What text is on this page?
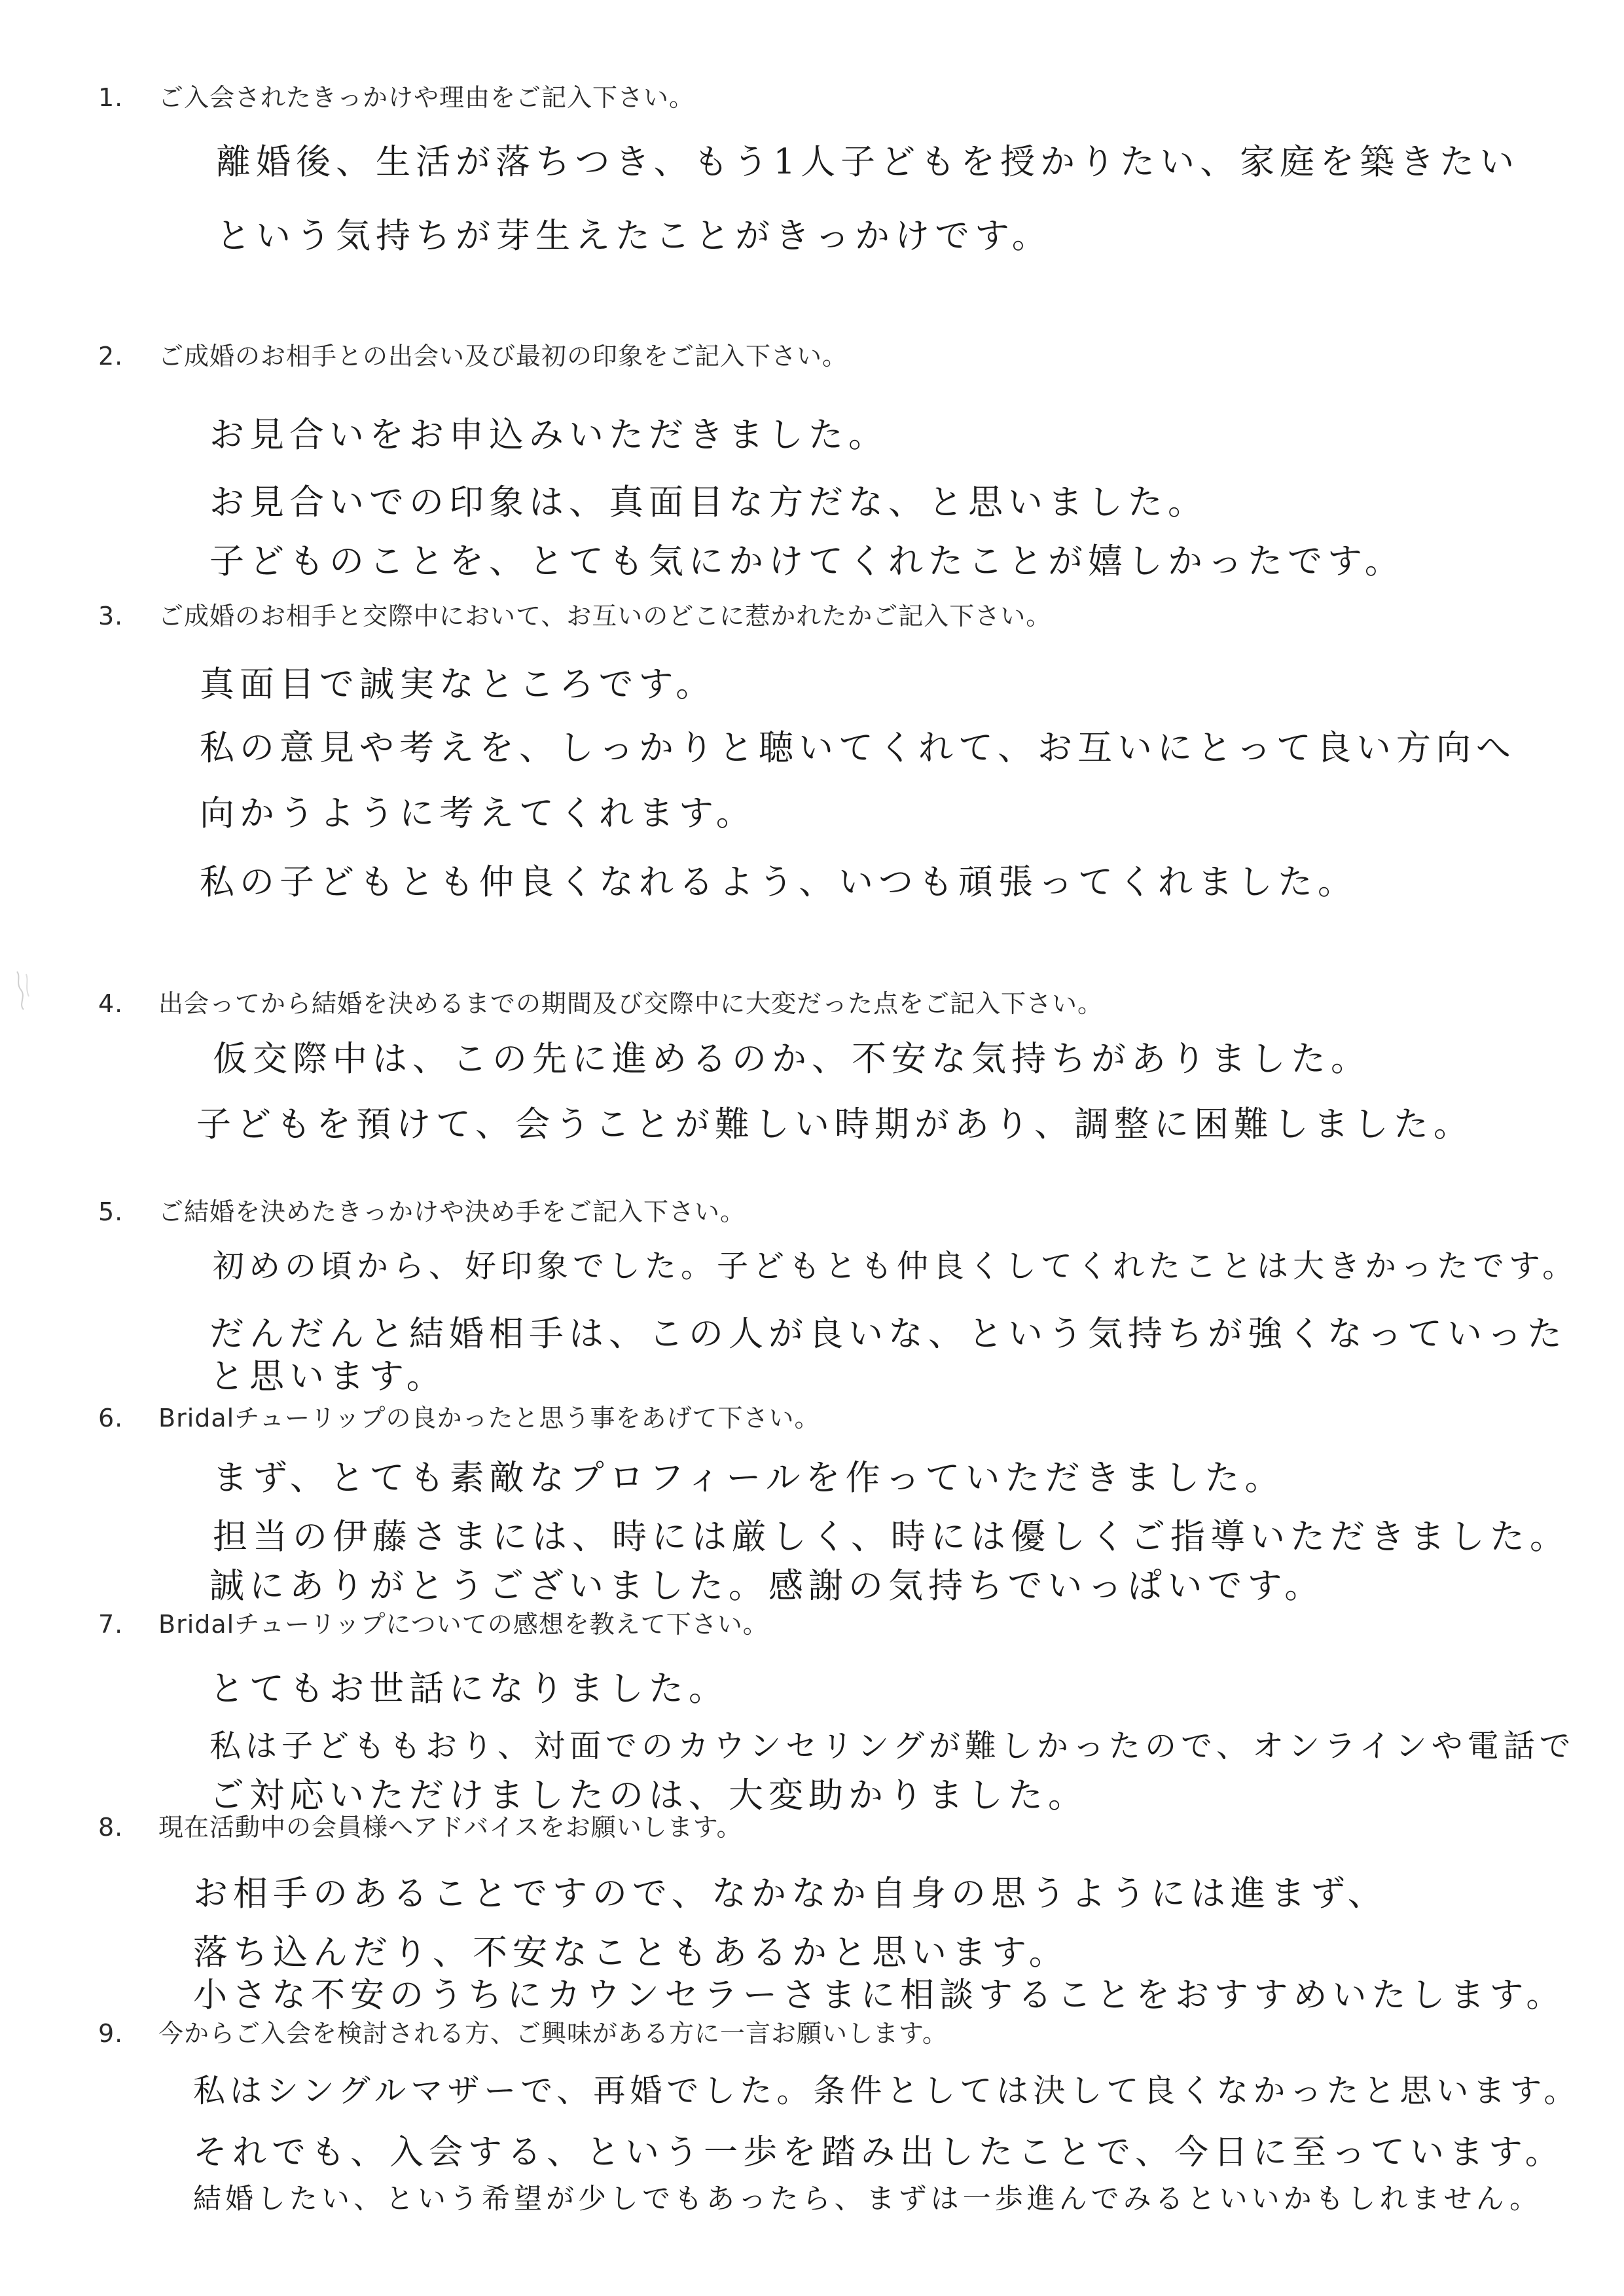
1. ご入会されたきっかけや理由をご記入下さい。
離婚後、生活が落ちつき、もう1人子どもを授かりたい、家庭を築きたい
という気持ちが芽生えたことがきっかけです。
2. ご成婚のお相手との出会い及び最初の印象をご記入下さい。
お見合いをお申込みいただきました。
お見合いでの印象は、真面目な方だな、と思いました。
子どものことを、とても気にかけてくれたことが嬉しかったです。
3. ご成婚のお相手と交際中において、お互いのどこに惹かれたかご記入下さい。
真面目で誠実なところです。
私の意見や考えを、しっかりと聴いてくれて、お互いにとって良い方向へ
向かうように考えてくれます。
私の子どもとも仲良くなれるよう、いつも頑張ってくれました。
4. 出会ってから結婚を決めるまでの期間及び交際中に大変だった点をご記入下さい。
仮交際中は、この先に進めるのか、不安な気持ちがありました。
子どもを預けて、会うことが難しい時期があり、調整に困難しました。
5. ご結婚を決めたきっかけや決め手をご記入下さい。
初めの頃から、好印象でした。子どもとも仲良くしてくれたことは大きかったです。
だんだんと結婚相手は、この人が良いな、という気持ちが強くなっていった
と思います。
6. Bridalチューリップの良かったと思う事をあげて下さい。
まず、とても素敵なプロフィールを作っていただきました。
担当の伊藤さまには、時には厳しく、時には優しくご指導いただきました。
誠にありがとうございました。感謝の気持ちでいっぱいです。
7. Bridalチューリップについての感想を教えて下さい。
とてもお世話になりました。
私は子どももおり、対面でのカウンセリングが難しかったので、オンラインや電話で
ご対応いただけましたのは、大変助かりました。
8. 現在活動中の会員様へアドバイスをお願いします。
お相手のあることですので、なかなか自身の思うようには進まず、
落ち込んだり、不安なこともあるかと思います。
小さな不安のうちにカウンセラーさまに相談することをおすすめいたします。
9. 今からご入会を検討される方、ご興味がある方に一言お願いします。
私はシングルマザーで、再婚でした。条件としては決して良くなかったと思います。
それでも、入会する、という一歩を踏み出したことで、今日に至っています。
結婚したい、という希望が少しでもあったら、まずは一歩進んでみるといいかもしれません。
